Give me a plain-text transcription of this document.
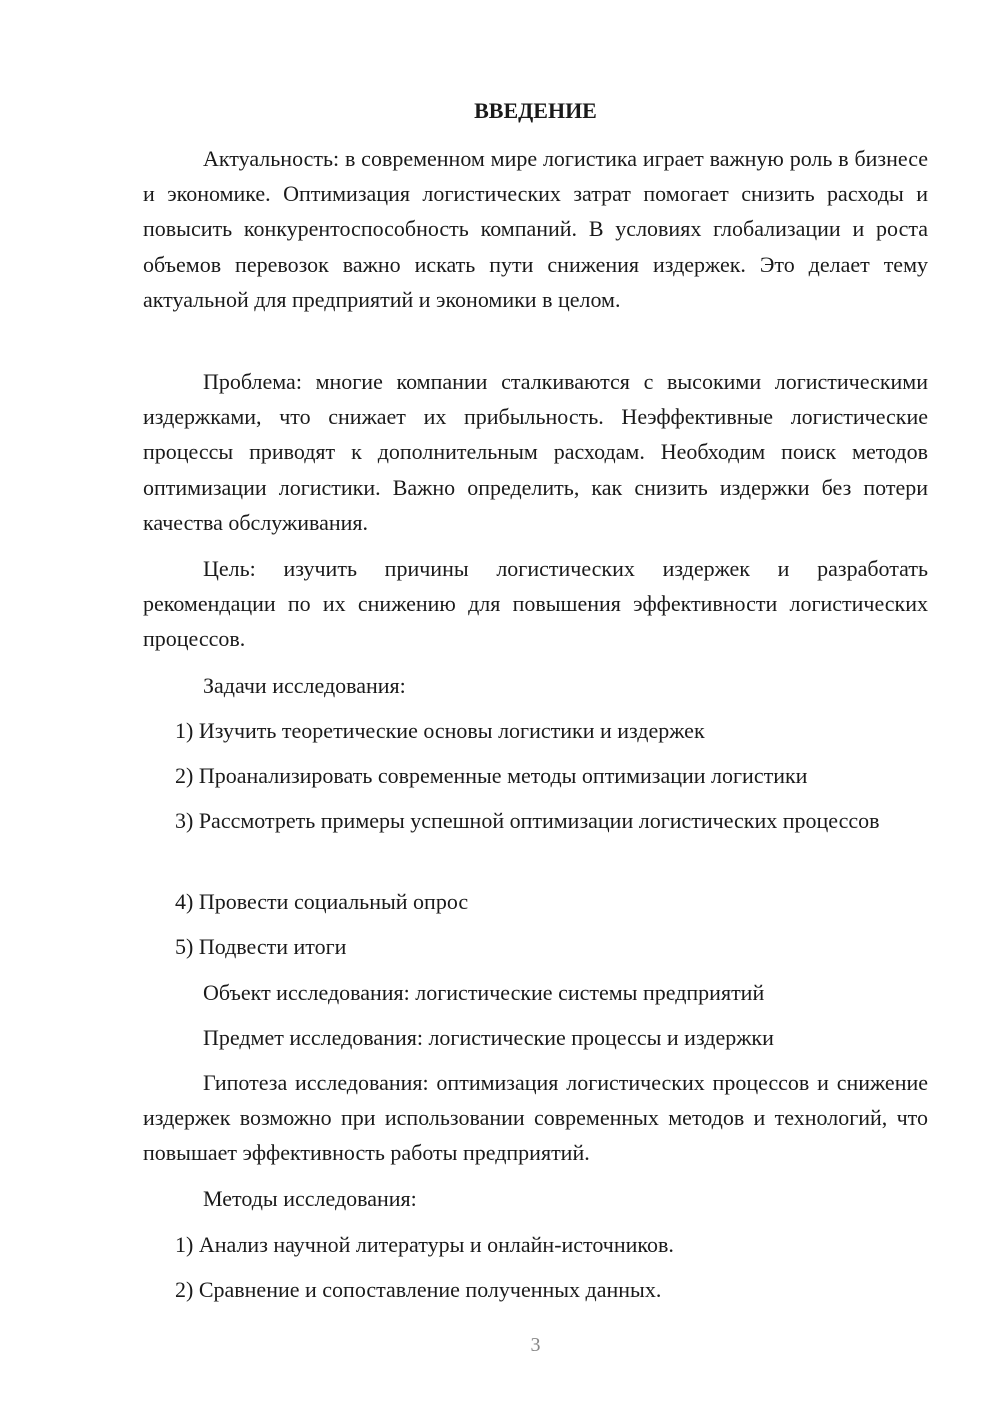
ВВЕДЕНИЕ

Актуальность: в современном мире логистика играет важную роль в бизнесе и экономике. Оптимизация логистических затрат помогает снизить расходы и повысить конкурентоспособность компаний. В условиях глобализации и роста объемов перевозок важно искать пути снижения издержек. Это делает тему актуальной для предприятий и экономики в целом.

Проблема: многие компании сталкиваются с высокими логистическими издержками, что снижает их прибыльность. Неэффективные логистические процессы приводят к дополнительным расходам. Необходим поиск методов оптимизации логистики. Важно определить, как снизить издержки без потери качества обслуживания.

Цель: изучить причины логистических издержек и разработать рекомендации по их снижению для повышения эффективности логистических процессов.

Задачи исследования:

1) Изучить теоретические основы логистики и издержек

2) Проанализировать современные методы оптимизации логистики

3) Рассмотреть примеры успешной оптимизации логистических процессов

4) Провести социальный опрос

5) Подвести итоги

Объект исследования: логистические системы предприятий

Предмет исследования: логистические процессы и издержки

Гипотеза исследования: оптимизация логистических процессов и снижение издержек возможно при использовании современных методов и технологий, что повышает эффективность работы предприятий.

Методы исследования:

1) Анализ научной литературы и онлайн-источников.

2) Сравнение и сопоставление полученных данных.

3
